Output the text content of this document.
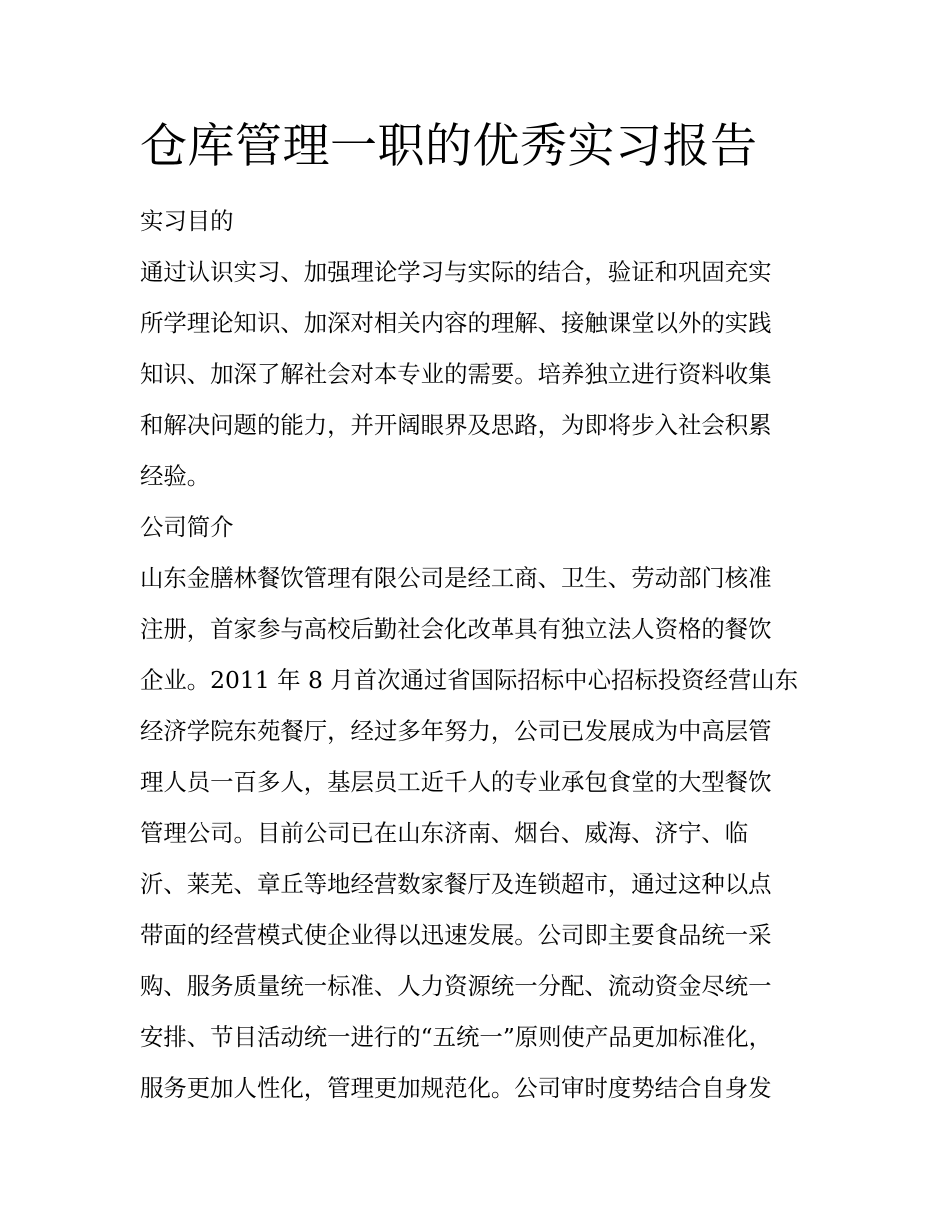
仓库管理一职的优秀实习报告
实习目的
通过认识实习、加强理论学习与实际的结合，验证和巩固充实
所学理论知识、加深对相关内容的理解、接触课堂以外的实践
知识、加深了解社会对本专业的需要。培养独立进行资料收集
和解决问题的能力，并开阔眼界及思路，为即将步入社会积累
经验。
公司简介
山东金膳林餐饮管理有限公司是经工商、卫生、劳动部门核准
注册，首家参与高校后勤社会化改革具有独立法人资格的餐饮
企业。2011 年 8 月首次通过省国际招标中心招标投资经营山东
经济学院东苑餐厅，经过多年努力，公司已发展成为中高层管
理人员一百多人，基层员工近千人的专业承包食堂的大型餐饮
管理公司。目前公司已在山东济南、烟台、威海、济宁、临
沂、莱芜、章丘等地经营数家餐厅及连锁超市，通过这种以点
带面的经营模式使企业得以迅速发展。公司即主要食品统一采
购、服务质量统一标准、人力资源统一分配、流动资金尽统一
安排、节目活动统一进行的“五统一”原则使产品更加标准化，
服务更加人性化，管理更加规范化。公司审时度势结合自身发
